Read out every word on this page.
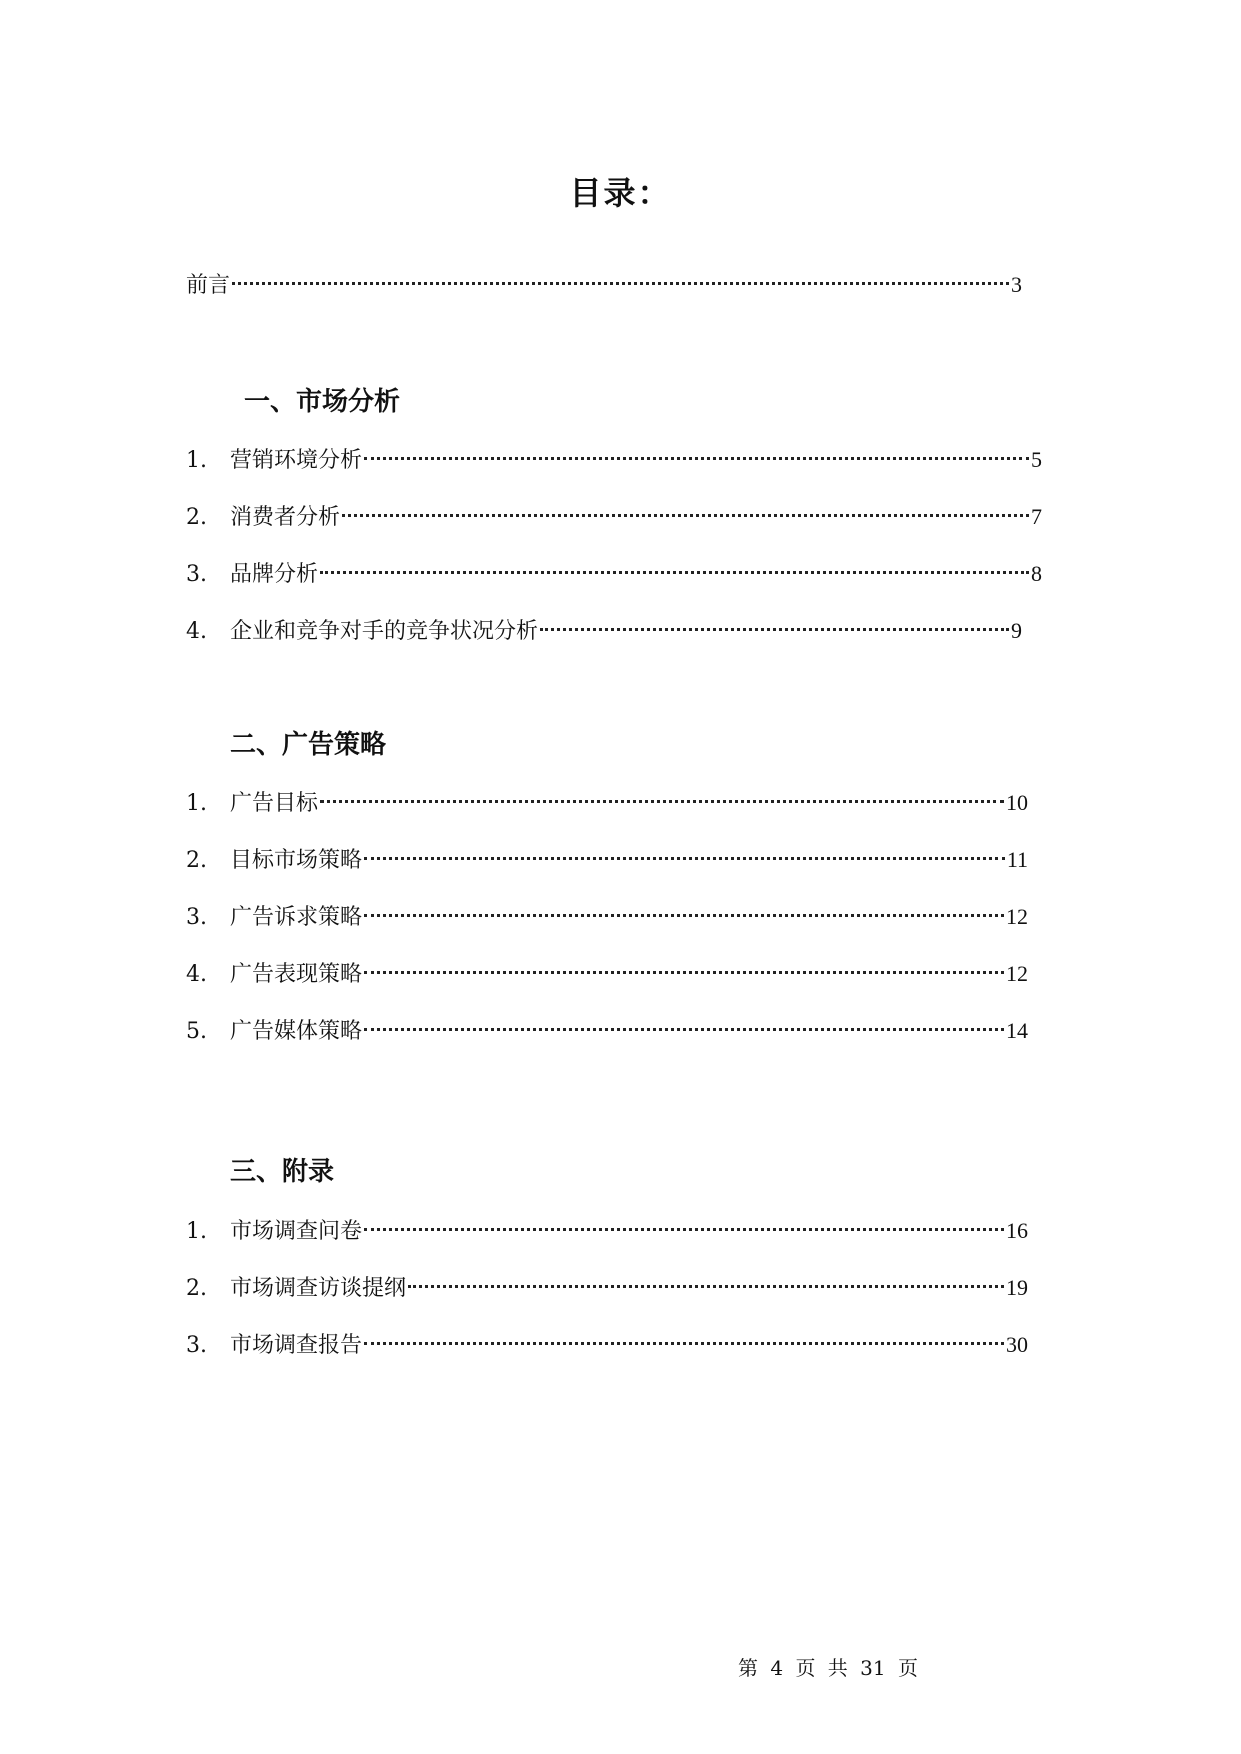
目录：
前言	3
一、市场分析
1.	营销环境分析	5
2.	消费者分析	7
3.	品牌分析	8
4.	企业和竞争对手的竞争状况分析	9
二、广告策略
1.	广告目标	10
2.	目标市场策略	11
3.	广告诉求策略	12
4.	广告表现策略	12
5.	广告媒体策略	14
三、附录
1.	市场调查问卷	16
2.	市场调查访谈提纲	19
3.	市场调查报告	30
第 4 页 共 31 页
